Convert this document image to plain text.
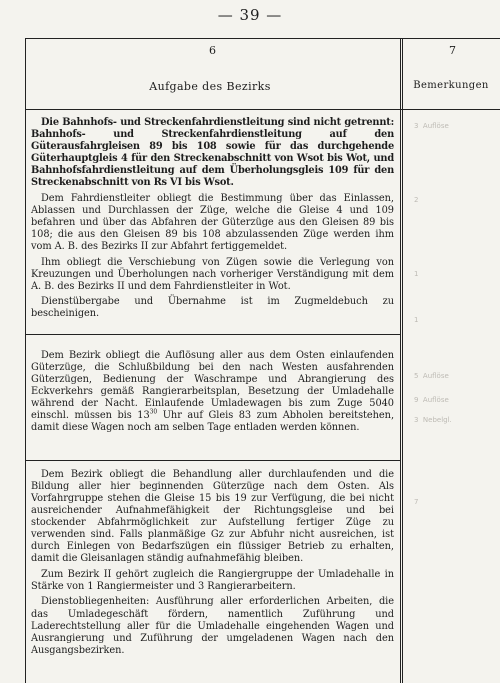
— 39 —
6	7
Aufgabe des Bezirks	Bemerkungen
3  Auflöse
2
1
1
5  Auflöse
9  Auflöse
3  Nebelgl.
7

Die Bahnhofs- und Streckenfahrdienstleitung sind nicht getrennt: Bahnhofs- und Streckenfahrdienstleitung auf den Güterausfahrgleisen 89 bis 108 sowie für das durchgehende Güterhauptgleis 4 für den Streckenabschnitt von Wsot bis Wot, und Bahnhofsfahrdienstleitung auf dem Überholungsgleis 109 für den Streckenabschnitt von Rs VI bis Wsot.

Dem Fahrdienstleiter obliegt die Bestimmung über das Einlassen, Ablassen und Durchlassen der Züge, welche die Gleise 4 und 109 befahren und über das Abfahren der Güterzüge aus den Gleisen 89 bis 108; die aus den Gleisen 89 bis 108 abzulassenden Züge werden ihm vom A. B. des Bezirks II zur Abfahrt fertiggemeldet.

Ihm obliegt die Verschiebung von Zügen sowie die Verlegung von Kreuzungen und Überholungen nach vorheriger Verständigung mit dem A. B. des Bezirks II und dem Fahrdienstleiter in Wot.

Dienstübergabe und Übernahme ist im Zugmeldebuch zu bescheinigen.

Dem Bezirk obliegt die Auflösung aller aus dem Osten einlaufenden Güterzüge, die Schlußbildung bei den nach Westen ausfahrenden Güterzügen, Bedienung der Waschrampe und Abrangierung des Eckverkehrs gemäß Rangierarbeitsplan, Besetzung der Umladehalle während der Nacht. Einlaufende Umladewagen bis zum Zuge 5040 einschl. müssen bis $13^{30}$ Uhr auf Gleis 83 zum Abholen bereitstehen, damit diese Wagen noch am selben Tage entladen werden können.

Dem Bezirk obliegt die Behandlung aller durchlaufenden und die Bildung aller hier beginnenden Güterzüge nach dem Osten. Als Vorfahrgruppe stehen die Gleise 15 bis 19 zur Verfügung, die bei nicht ausreichender Aufnahmefähigkeit der Richtungsgleise und bei stockender Abfahrmöglichkeit zur Aufstellung fertiger Züge zu verwenden sind. Falls planmäßige Gz zur Abfuhr nicht ausreichen, ist durch Einlegen von Bedarfszügen ein flüssiger Betrieb zu erhalten, damit die Gleisanlagen ständig aufnahmefähig bleiben.

Zum Bezirk II gehört zugleich die Rangiergruppe der Umladehalle in Stärke von 1 Rangiermeister und 3 Rangierarbeitern.

Dienstobliegenheiten: Ausführung aller erforderlichen Arbeiten, die das Umladegeschäft fördern, namentlich Zuführung und Laderechtstellung aller für die Umladehalle eingehenden Wagen und Ausrangierung und Zuführung der umgeladenen Wagen nach den Ausgangsbezirken.
